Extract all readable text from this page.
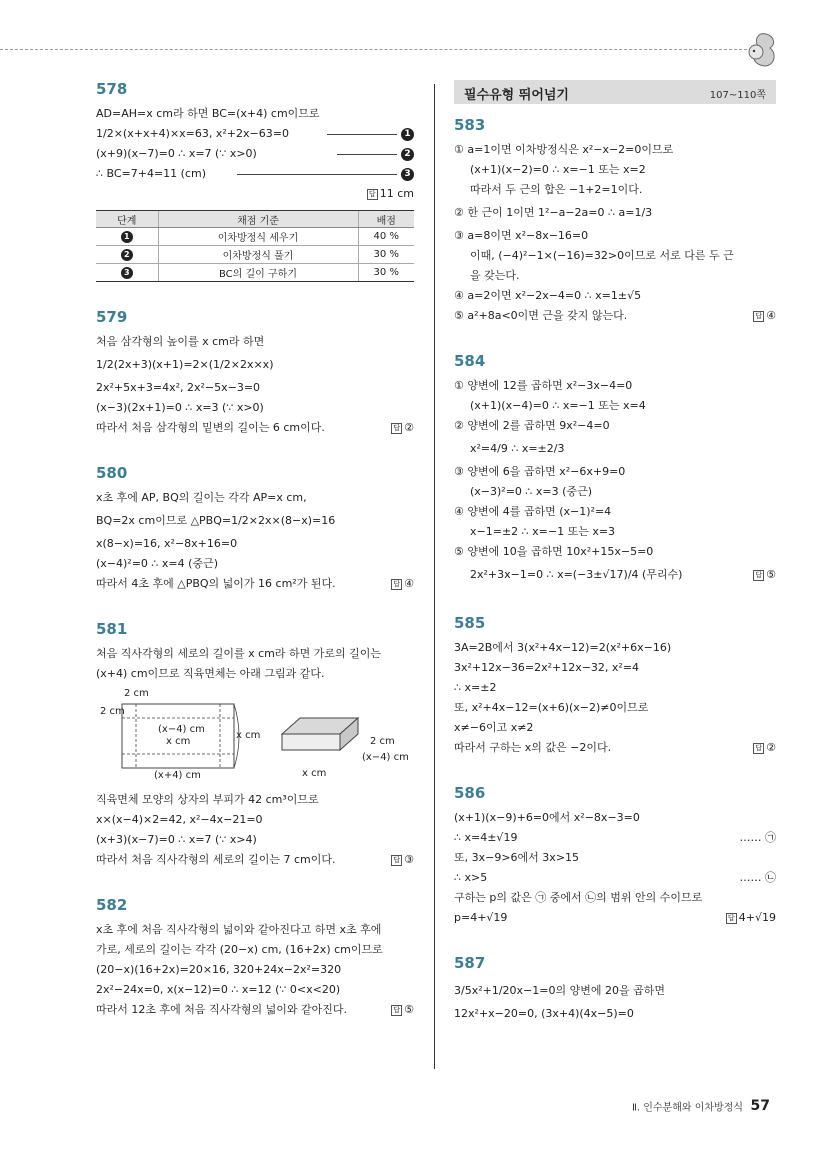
578
AD=AH=x cm라 하면 BC=(x+4) cm이므로
1/2×(x+x+4)×x=63, x²+2x−63=0	1
(x+9)(x−7)=0 ∴ x=7 (∵ x>0)	2
∴ BC=7+4=11 (cm)	3
답 11 cm
단계	채점 기준	배점
1	이차방정식 세우기	40 %
2	이차방정식 풀기	30 %
3	BC의 길이 구하기	30 %
579
처음 삼각형의 높이를 x cm라 하면
1/2(2x+3)(x+1)=2×(1/2×2x×x)
2x²+5x+3=4x², 2x²−5x−3=0
(x−3)(2x+1)=0 ∴ x=3 (∵ x>0)
따라서 처음 삼각형의 밑변의 길이는 6 cm이다.	답 ②
580
x초 후에 AP, BQ의 길이는 각각 AP=x cm,
BQ=2x cm이므로 △PBQ=1/2×2x×(8−x)=16
x(8−x)=16, x²−8x+16=0
(x−4)²=0 ∴ x=4 (중근)
따라서 4초 후에 △PBQ의 넓이가 16 cm²가 된다.	답 ④
581
처음 직사각형의 세로의 길이를 x cm라 하면 가로의 길이는
(x+4) cm이므로 직육면체는 아래 그림과 같다.
2 cm
2 cm
(x−4) cm
x cm
x cm
(x+4) cm
2 cm
(x−4) cm
x cm
직육면체 모양의 상자의 부피가 42 cm³이므로
x×(x−4)×2=42, x²−4x−21=0
(x+3)(x−7)=0 ∴ x=7 (∵ x>4)
따라서 처음 직사각형의 세로의 길이는 7 cm이다.	답 ③
582
x초 후에 처음 직사각형의 넓이와 같아진다고 하면 x초 후에
가로, 세로의 길이는 각각 (20−x) cm, (16+2x) cm이므로
(20−x)(16+2x)=20×16, 320+24x−2x²=320
2x²−24x=0, x(x−12)=0 ∴ x=12 (∵ 0<x<20)
따라서 12초 후에 처음 직사각형의 넓이와 같아진다.	답 ⑤
필수유형 뛰어넘기	107~110쪽
583
① a=1이면 이차방정식은 x²−x−2=0이므로
(x+1)(x−2)=0 ∴ x=−1 또는 x=2
따라서 두 근의 합은 −1+2=1이다.
② 한 근이 1이면 1²−a−2a=0 ∴ a=1/3
③ a=8이면 x²−8x−16=0
이때, (−4)²−1×(−16)=32>0이므로 서로 다른 두 근
을 갖는다.
④ a=2이면 x²−2x−4=0 ∴ x=1±√5
⑤ a²+8a<0이면 근을 갖지 않는다.	답 ④
584
① 양변에 12를 곱하면 x²−3x−4=0
(x+1)(x−4)=0 ∴ x=−1 또는 x=4
② 양변에 2를 곱하면 9x²−4=0
x²=4/9 ∴ x=±2/3
③ 양변에 6을 곱하면 x²−6x+9=0
(x−3)²=0 ∴ x=3 (중근)
④ 양변에 4를 곱하면 (x−1)²=4
x−1=±2 ∴ x=−1 또는 x=3
⑤ 양변에 10을 곱하면 10x²+15x−5=0
2x²+3x−1=0 ∴ x=(−3±√17)/4 (무리수)	답 ⑤
585
3A=2B에서 3(x²+4x−12)=2(x²+6x−16)
3x²+12x−36=2x²+12x−32, x²=4
∴ x=±2
또, x²+4x−12=(x+6)(x−2)≠0이므로
x≠−6이고 x≠2
따라서 구하는 x의 값은 −2이다.	답 ②
586
(x+1)(x−9)+6=0에서 x²−8x−3=0
∴ x=4±√19	…… ㉠
또, 3x−9>6에서 3x>15
∴ x>5	…… ㉡
구하는 p의 값은 ㉠ 중에서 ㉡의 범위 안의 수이므로
p=4+√19	답 4+√19
587
3/5x²+1/20x−1=0의 양변에 20을 곱하면
12x²+x−20=0, (3x+4)(4x−5)=0
Ⅱ. 인수분해와 이차방정식 57
